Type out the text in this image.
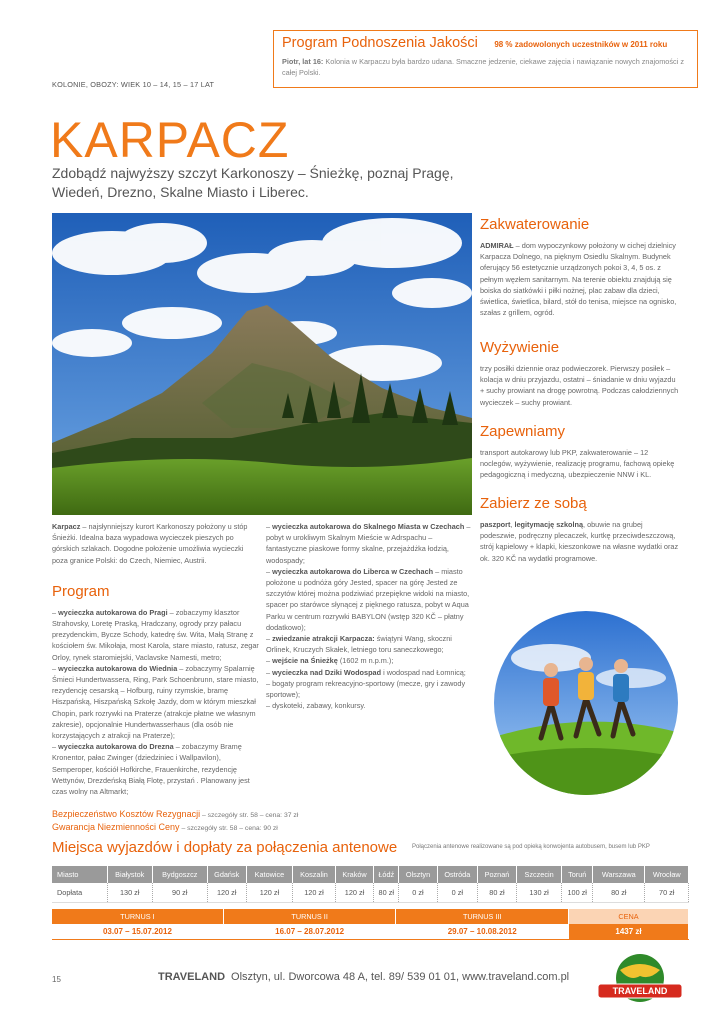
Program Podnoszenia Jakości 98 % zadowolonych uczestników w 2011 roku
Piotr, lat 16: Kolonia w Karpaczu była bardzo udana. Smaczne jedzenie, ciekawe zajęcia i nawiązanie nowych znajomości z całej Polski.
KOLONIE, OBOZY: WIEK 10 – 14, 15 – 17 LAT
KARPACZ
Zdobądź najwyższy szczyt Karkonoszy – Śnieżkę, poznaj Pragę, Wiedeń, Drezno, Skalne Miasto i Liberec.
Zakwaterowanie
ADMIRAŁ – dom wypoczynkowy położony w cichej dzielnicy Karpacza Dolnego, na pięknym Osiedlu Skalnym. Budynek oferujący 56 estetycznie urządzonych pokoi 3, 4, 5 os. z pełnym węzłem sanitarnym. Na terenie obiektu znajdują się boiska do siatkówki i piłki nożnej, plac zabaw dla dzieci, świetlica, świetlica, bilard, stół do tenisa, miejsce na ognisko, szałas z grillem, ogród.
Wyżywienie
trzy posiłki dziennie oraz podwieczorek. Pierwszy posiłek – kolacja w dniu przyjazdu, ostatni – śniadanie w dniu wyjazdu + suchy prowiant na drogę powrotną. Podczas całodziennych wycieczek – suchy prowiant.
Zapewniamy
transport autokarowy lub PKP, zakwaterowanie – 12 noclegów, wyżywienie, realizację programu, fachową opiekę pedagogiczną i medyczną, ubezpieczenie NNW i KL.
Zabierz ze sobą
paszport, legitymację szkolną, obuwie na grubej podeszwie, podręczny plecaczek, kurtkę przeciwdeszczową, strój kąpielowy + klapki, kieszonkowe na własne wydatki oraz ok. 320 KČ na wydatki programowe.
Karpacz – najsłynniejszy kurort Karkonoszy położony u stóp Śnieżki. Idealna baza wypadowa wycieczek pieszych po górskich szlakach. Dogodne położenie umożliwia wycieczki poza granice Polski: do Czech, Niemiec, Austrii.
Program
– wycieczka autokarowa do Pragi – zobaczymy klasztor Strahovsky, Loretę Praską, Hradczany, ogrody przy pałacu prezydenckim, Bycze Schody, katedrę św. Wita, Małą Stranę z kościołem św. Mikołaja, most Karola, stare miasto, ratusz, zegar Orloy, rynek staromiejski, Vaclavske Namesti, metro;
– wycieczka autokarowa do Wiednia – zobaczymy Spalarnię Śmieci Hundertwassera, Ring, Park Schoenbrunn, stare miasto, rezydencję cesarską – Hofburg, ruiny rzymskie, bramę Hiszpańską, Hiszpańską Szkołę Jazdy, dom w którym mieszkał Chopin, park rozrywki na Praterze (atrakcje płatne we własnym zakresie), opcjonalnie Hundertwasserhaus (dla osób nie korzystających z atrakcji na Praterze);
– wycieczka autokarowa do Drezna – zobaczymy Bramę Kronentor, pałac Zwinger (dziedziniec i Wallpavilon), Semperoper, kościół Hofkirche, Frauenkirche, rezydencję Wettynów, Drezdeńską Białą Flotę, przystań . Planowany jest czas wolny na Altmarkt;
– wycieczka autokarowa do Skalnego Miasta w Czechach – pobyt w urokliwym Skalnym Mieście w Adrspachu – fantastyczne piaskowe formy skalne, przejażdżka łodzią, wodospady;
– wycieczka autokarowa do Liberca w Czechach – miasto położone u podnóża góry Jested, spacer na górę Jested ze szczytów której można podziwiać przepiękne widoki na miasto, spacer po starówce słynącej z pięknego ratusza, pobyt w Aqua Parku w centrum rozrywki BABYLON (wstęp 320 KČ – płatny dodatkowo);
– zwiedzanie atrakcji Karpacza: świątyni Wang, skoczni Orlinek, Kruczych Skałek, letniego toru saneczkowego;
– wejście na Śnieżkę (1602 m n.p.m.);
– wycieczka nad Dziki Wodospad i wodospad nad Łomnicą;
– bogaty program rekreacyjno-sportowy (mecze, gry i zawody sportowe);
– dyskoteki, zabawy, konkursy.
Bezpieczeństwo Kosztów Rezygnacji – szczegóły str. 58 – cena: 37 zł
Gwarancja Niezmienności Ceny – szczegóły str. 58 – cena: 90 zł
Miejsca wyjazdów i dopłaty za połączenia antenowe Połączenia antenowe realizowane są pod opieką konwojenta autobusem, busem lub PKP
Miasto	Białystok	Bydgoszcz	Gdańsk	Katowice	Koszalin	Kraków	Łódź	Olsztyn	Ostróda	Poznań	Szczecin	Toruń	Warszawa	Wrocław
Dopłata	130 zł	90 zł	120 zł	120 zł	120 zł	120 zł	80 zł	0 zł	0 zł	80 zł	130 zł	100 zł	80 zł	70 zł
TURNUS I	TURNUS II	TURNUS III	CENA
03.07 – 15.07.2012	16.07 – 28.07.2012	29.07 – 10.08.2012	1437 zł
15	TRAVELAND Olsztyn, ul. Dworcowa 48 A, tel. 89/ 539 01 01, www.traveland.com.pl
TRAVELAND
